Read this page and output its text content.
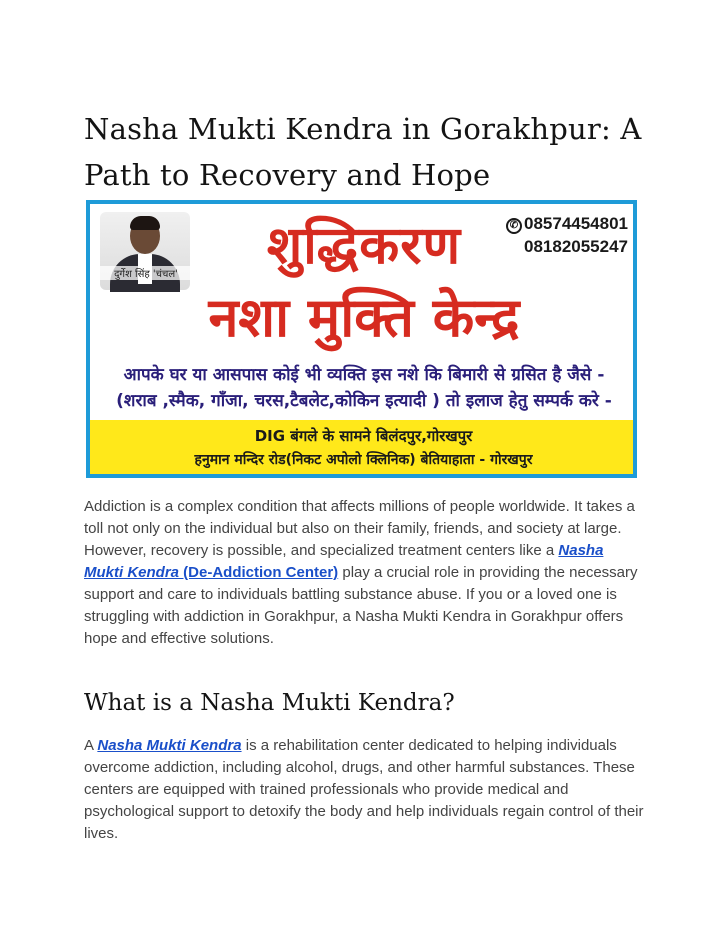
Nasha Mukti Kendra in Gorakhpur: A Path to Recovery and Hope
दुर्गेश सिंह 'चंचल'	शुद्धिकरण	✆ 08574454801
08182055247
नशा मुक्ति केन्द्र
आपके घर या आसपास कोई भी व्यक्ति इस नशे कि बिमारी से ग्रसित है जैसे -
(शराब ,स्मैक, गाँजा, चरस,टैबलेट,कोकिन इत्यादी ) तो इलाज हेतु सम्पर्क करे -
DIG बंगले के सामने बिलंदपुर,गोरखपुर
हनुमान मन्दिर रोड(निकट अपोलो क्लिनिक) बेतियाहाता - गोरखपुर

Addiction is a complex condition that affects millions of people worldwide. It takes a toll not only on the individual but also on their family, friends, and society at large. However, recovery is possible, and specialized treatment centers like a Nasha Mukti Kendra (De-Addiction Center) play a crucial role in providing the necessary support and care to individuals battling substance abuse. If you or a loved one is struggling with addiction in Gorakhpur, a Nasha Mukti Kendra in Gorakhpur offers hope and effective solutions.

What is a Nasha Mukti Kendra?

A Nasha Mukti Kendra is a rehabilitation center dedicated to helping individuals overcome addiction, including alcohol, drugs, and other harmful substances. These centers are equipped with trained professionals who provide medical and psychological support to detoxify the body and help individuals regain control of their lives.
